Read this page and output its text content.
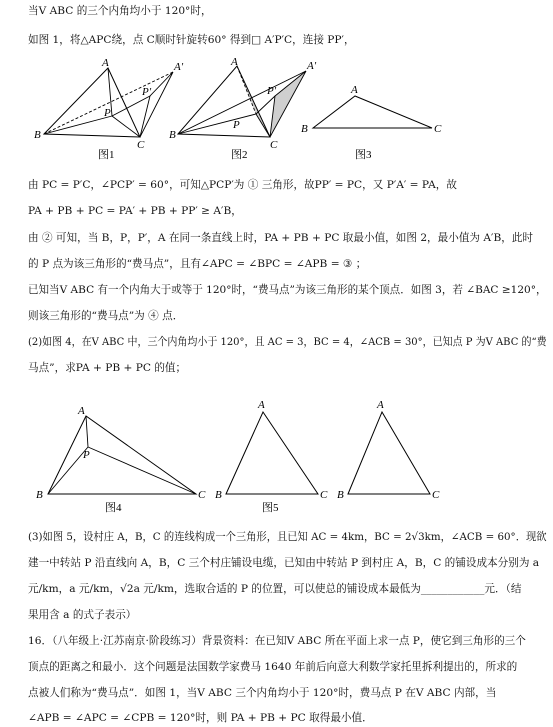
当V ABC 的三个内角均小于 120°时，
如图 1，将△APC绕，点 C顺时针旋转60° 得到□ A′P′C，连接 PP′，
A	A′
P′
P
B
C
图1
A	A′
P′
P
B
C
图2
A
B	C
图3
由 PC = P′C，∠PCP′ = 60°，可知△PCP′为 ① 三角形，故PP′ = PC，又 P′A′ = PA，故
PA + PB + PC = PA′ + PB + PP′ ≥ A′B，
由 ② 可知，当 B，P，P′，A 在同一条直线上时，PA + PB + PC 取最小值，如图 2，最小值为 A′B，此时
的 P 点为该三角形的“费马点”，且有∠APC = ∠BPC = ∠APB = ③ ；
已知当V ABC 有一个内角大于或等于 120°时，“费马点”为该三角形的某个顶点．如图 3，若 ∠BAC ≥120°，
则该三角形的“费马点”为 ④ 点．
(2)如图 4，在V ABC 中，三个内角均小于 120°，且 AC = 3，BC = 4，∠ACB = 30°，已知点 P 为V ABC 的“费
马点”，求PA + PB + PC 的值；
A
P
B	C
图4
A
B	C
图5
A
B	C
(3)如图 5，设村庄 A，B，C 的连线构成一个三角形，且已知 AC = 4km，BC = 2√3km，∠ACB = 60°．现欲
建一中转站 P 沿直线向 A，B，C 三个村庄铺设电缆，已知由中转站 P 到村庄 A，B，C 的铺设成本分别为 a
元/km，a 元/km，√2a 元/km，选取合适的 P 的位置，可以使总的铺设成本最低为____________元．（结
果用含 a 的式子表示）
16．（八年级上·江苏南京·阶段练习）背景资料：在已知V ABC 所在平面上求一点 P，使它到三角形的三个
顶点的距离之和最小．这个问题是法国数学家费马 1640 年前后向意大利数学家托里拆利提出的，所求的
点被人们称为“费马点”．如图 1，当V ABC 三个内角均小于 120°时，费马点 P 在V ABC 内部，当
∠APB = ∠APC = ∠CPB = 120°时，则 PA + PB + PC 取得最小值．
